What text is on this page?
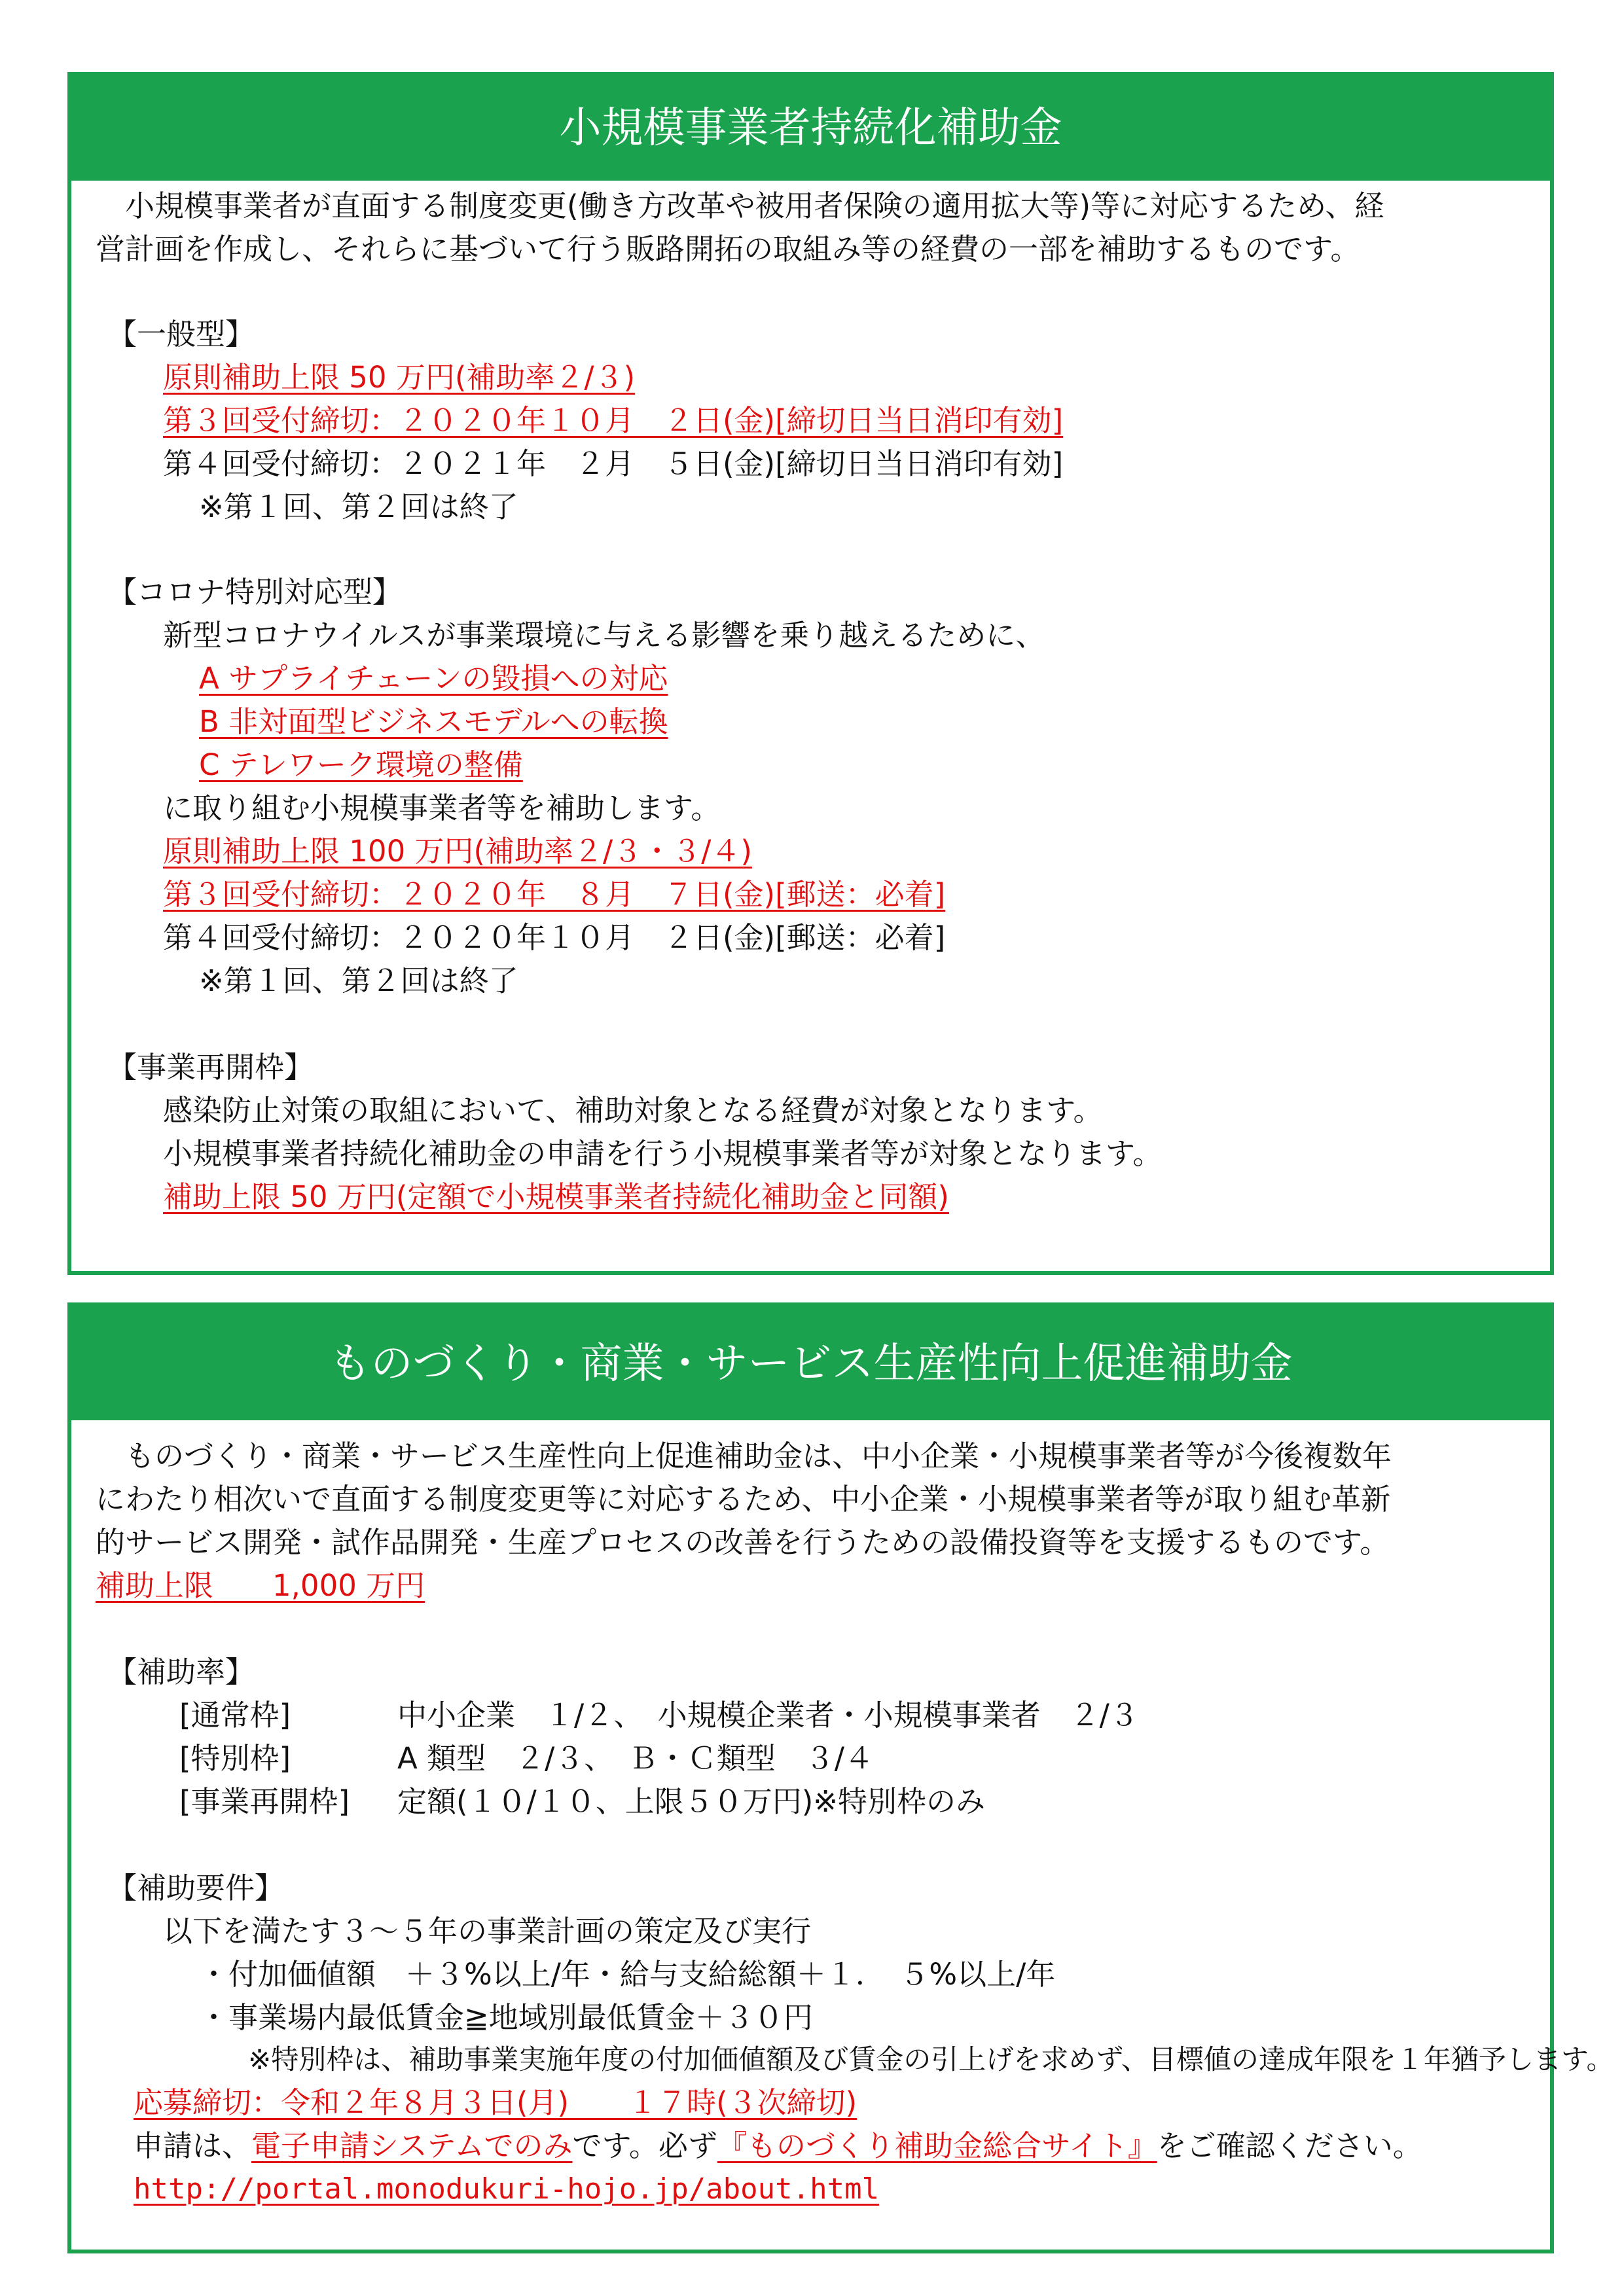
小規模事業者持続化補助金
　小規模事業者が直面する制度変更(働き方改革や被用者保険の適用拡大等)等に対応するため、経
営計画を作成し、それらに基づいて行う販路開拓の取組み等の経費の一部を補助するものです。
【一般型】
原則補助上限 50 万円(補助率２/３)
第３回受付締切：２０２０年１０月　２日(金)[締切日当日消印有効]
第４回受付締切：２０２１年　２月　５日(金)[締切日当日消印有効]
※第１回、第２回は終了
【コロナ特別対応型】
新型コロナウイルスが事業環境に与える影響を乗り越えるために、
A サプライチェーンの毀損への対応
B 非対面型ビジネスモデルへの転換
C テレワーク環境の整備
に取り組む小規模事業者等を補助します。
原則補助上限 100 万円(補助率２/３・３/４)
第３回受付締切：２０２０年　８月　７日(金)[郵送：必着]
第４回受付締切：２０２０年１０月　２日(金)[郵送：必着]
※第１回、第２回は終了
【事業再開枠】
感染防止対策の取組において、補助対象となる経費が対象となります。
小規模事業者持続化補助金の申請を行う小規模事業者等が対象となります。
補助上限 50 万円(定額で小規模事業者持続化補助金と同額)
ものづくり・商業・サービス生産性向上促進補助金
　ものづくり・商業・サービス生産性向上促進補助金は、中小企業・小規模事業者等が今後複数年
にわたり相次いで直面する制度変更等に対応するため、中小企業・小規模事業者等が取り組む革新
的サービス開発・試作品開発・生産プロセスの改善を行うための設備投資等を支援するものです。
補助上限　　1,000 万円
【補助率】
[通常枠]	中小企業　１/２、　小規模企業者・小規模事業者　２/３
[特別枠]	A 類型　２/３、　Ｂ・Ｃ類型　３/４
[事業再開枠] 定額(１０/１０、上限５０万円)※特別枠のみ
【補助要件】
以下を満たす３〜５年の事業計画の策定及び実行
・付加価値額　＋３%以上/年・給与支給総額＋１．　５%以上/年
・事業場内最低賃金≧地域別最低賃金＋３０円
※特別枠は、補助事業実施年度の付加価値額及び賃金の引上げを求めず、目標値の達成年限を１年猶予します。
応募締切：令和２年８月３日(月)　　１７時(３次締切)
申請は、電子申請システムでのみです。必ず『ものづくり補助金総合サイト』をご確認ください。
http://portal.monodukuri-hojo.jp/about.html
